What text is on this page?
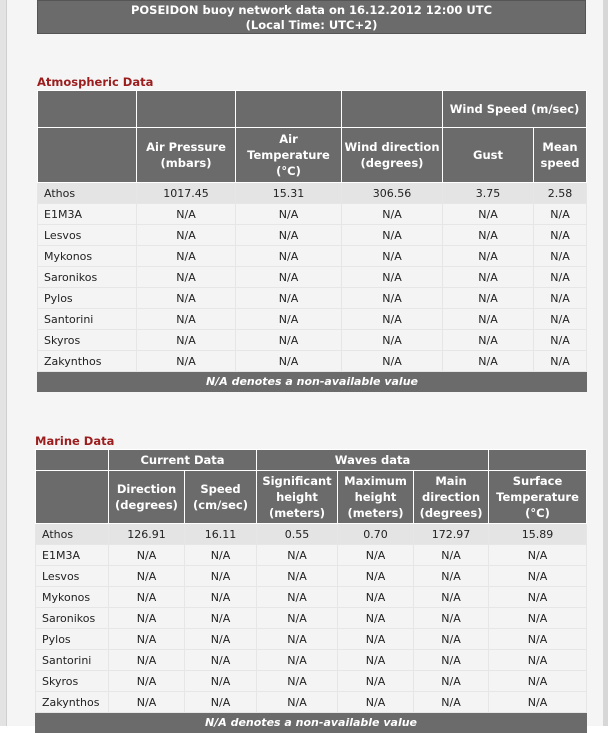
POSEIDON buoy network data on 16.12.2012 12:00 UTC
(Local Time: UTC+2)
Atmospheric Data
				Wind Speed (m/sec)	
	Air Pressure (mbars)	Air Temperature (°C)	Wind direction (degrees)	Gust	Mean speed
Athos	1017.45	15.31	306.56	3.75	2.58
E1M3A	N/A	N/A	N/A	N/A	N/A
Lesvos	N/A	N/A	N/A	N/A	N/A
Mykonos	N/A	N/A	N/A	N/A	N/A
Saronikos	N/A	N/A	N/A	N/A	N/A
Pylos	N/A	N/A	N/A	N/A	N/A
Santorini	N/A	N/A	N/A	N/A	N/A
Skyros	N/A	N/A	N/A	N/A	N/A
Zakynthos	N/A	N/A	N/A	N/A	N/A
N/A denotes a non-available value					
Marine Data
	Current Data		Waves data			
	Direction (degrees)	Speed (cm/sec)	Significant height (meters)	Maximum height (meters)	Main direction (degrees)	Surface Temperature (°C)
Athos	126.91	16.11	0.55	0.70	172.97	15.89
E1M3A	N/A	N/A	N/A	N/A	N/A	N/A
Lesvos	N/A	N/A	N/A	N/A	N/A	N/A
Mykonos	N/A	N/A	N/A	N/A	N/A	N/A
Saronikos	N/A	N/A	N/A	N/A	N/A	N/A
Pylos	N/A	N/A	N/A	N/A	N/A	N/A
Santorini	N/A	N/A	N/A	N/A	N/A	N/A
Skyros	N/A	N/A	N/A	N/A	N/A	N/A
Zakynthos	N/A	N/A	N/A	N/A	N/A	N/A
N/A denotes a non-available value						
